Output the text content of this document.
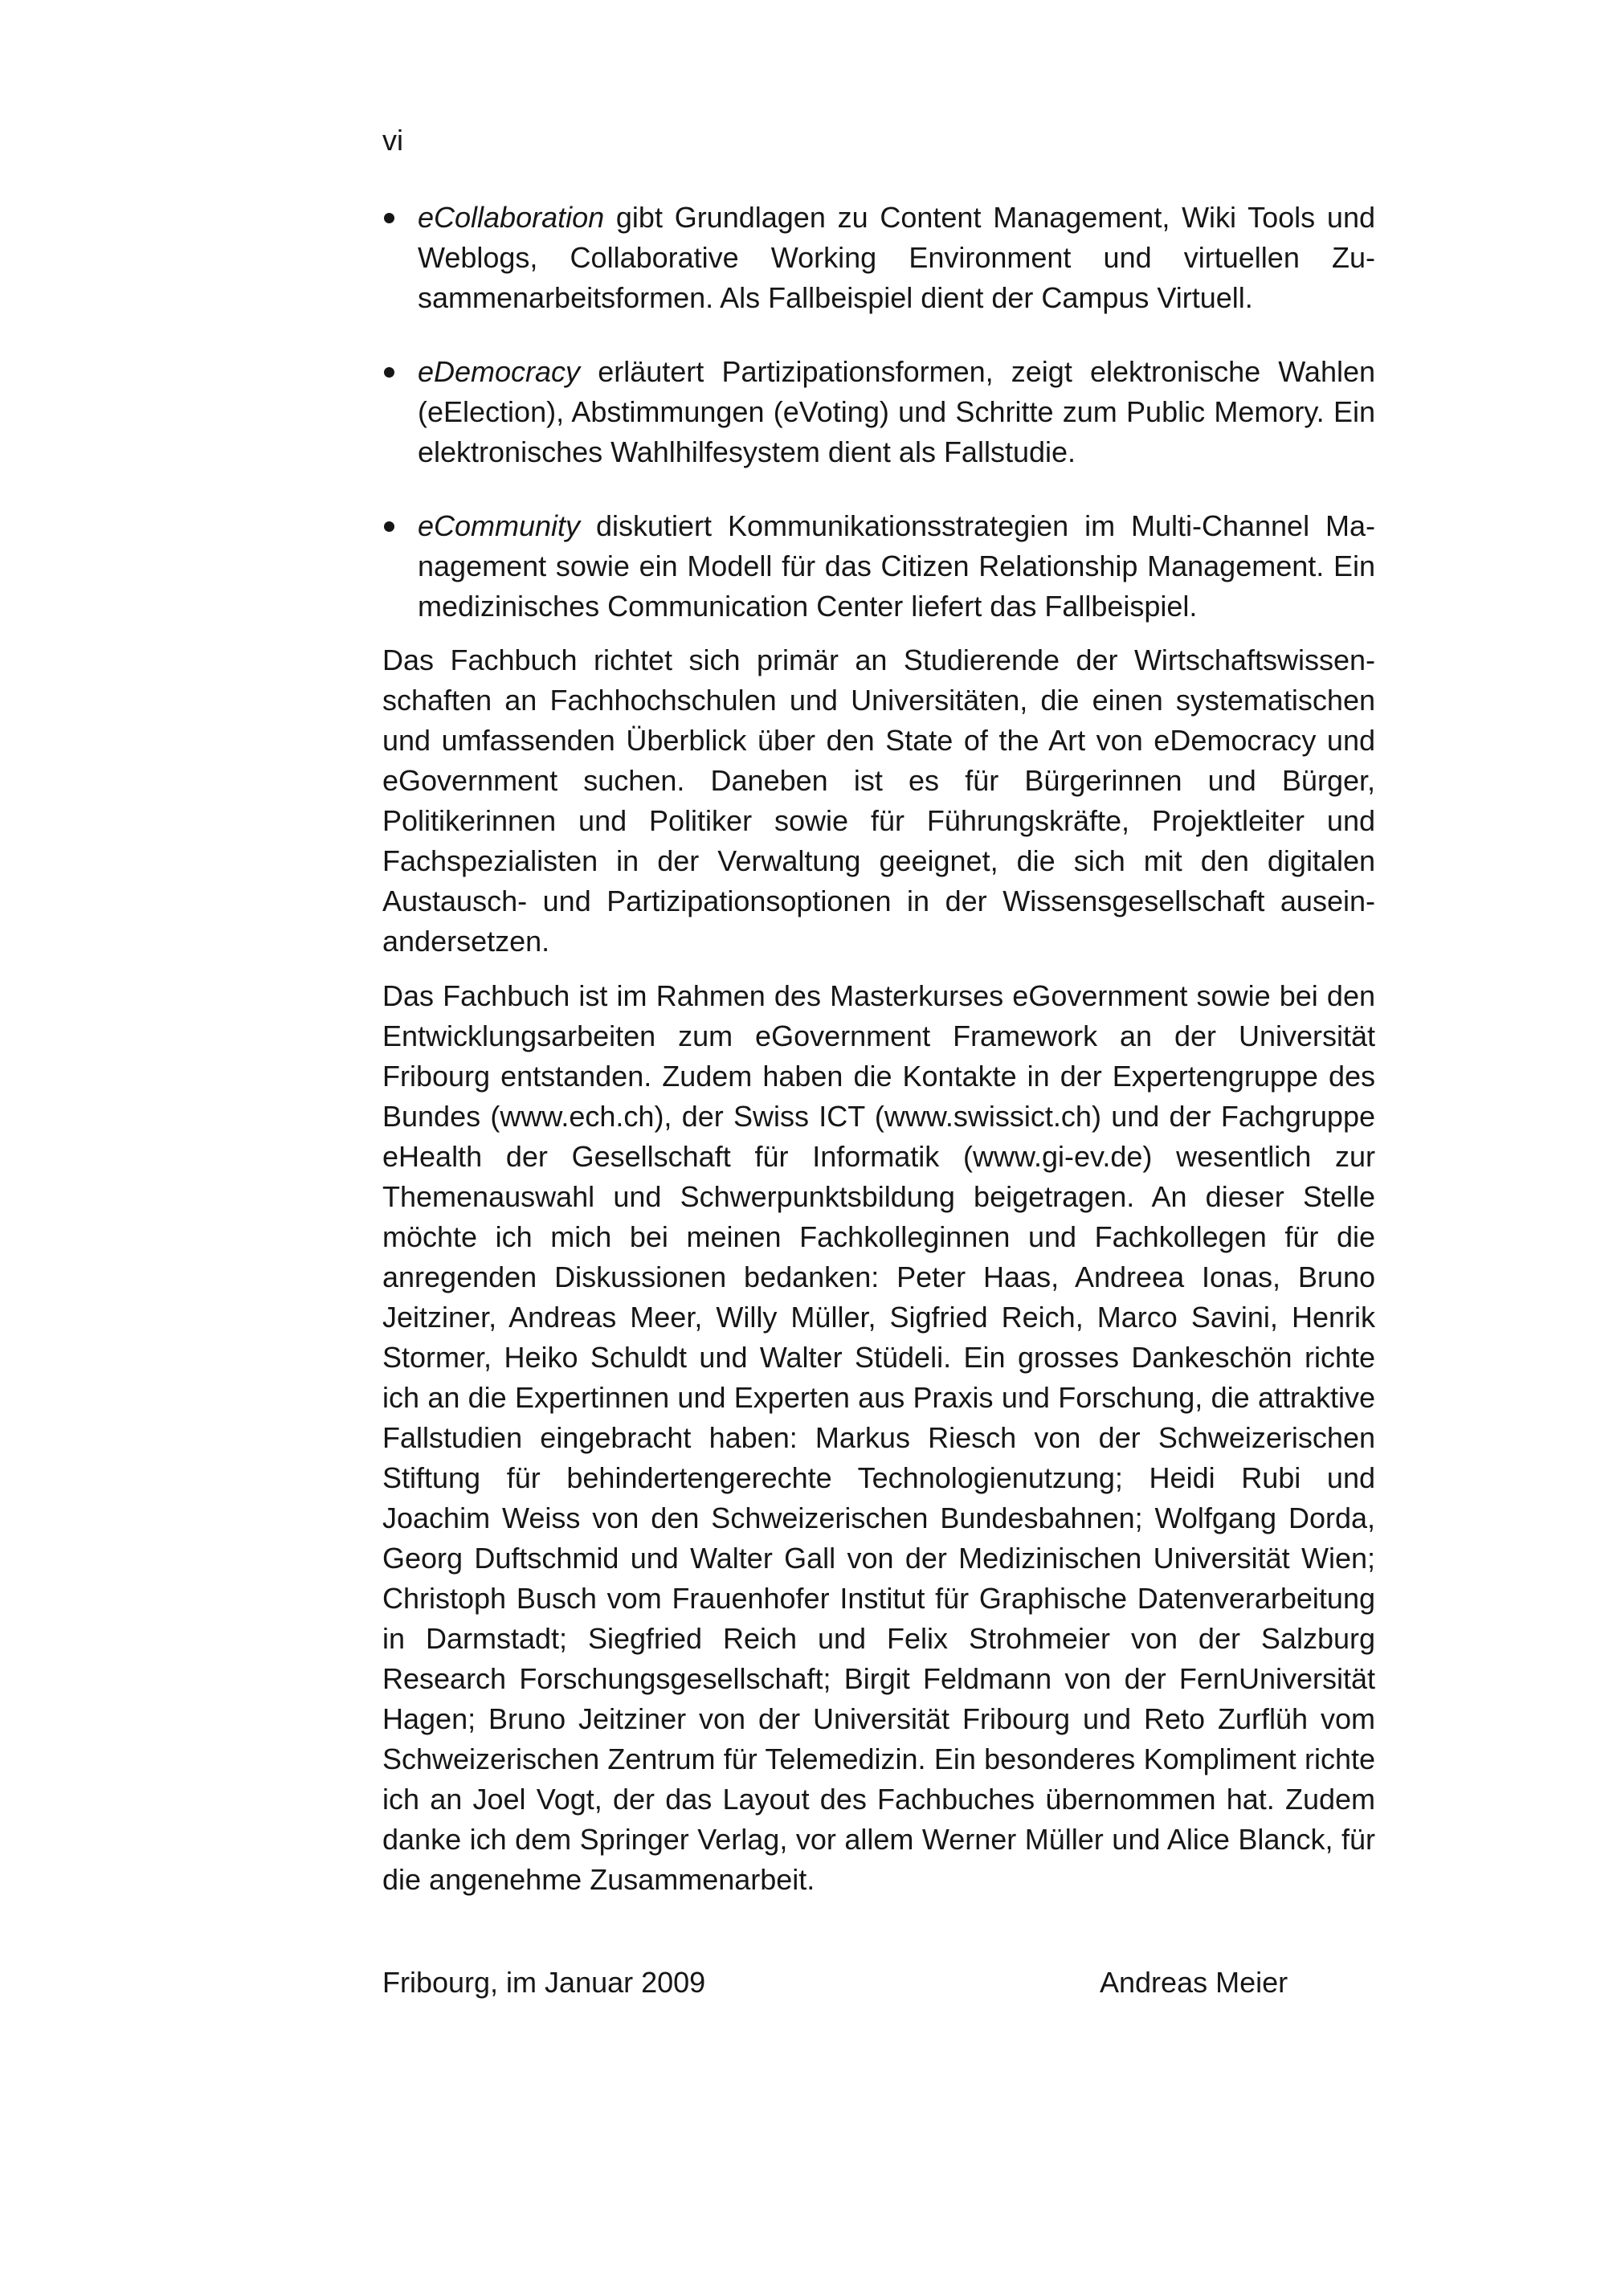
vi
eCollaboration gibt Grundlagen zu Content Management, Wiki Tools und Weblogs, Collaborative Working Environment und virtuellen Zusammenarbeitsformen. Als Fallbeispiel dient der Campus Virtuell.
eDemocracy erläutert Partizipationsformen, zeigt elektronische Wahlen (eElection), Abstimmungen (eVoting) und Schritte zum Public Memory. Ein elektronisches Wahlhilfesystem dient als Fallstudie.
eCommunity diskutiert Kommunikationsstrategien im Multi-Channel Management sowie ein Modell für das Citizen Relationship Management. Ein medizinisches Communication Center liefert das Fallbeispiel.

Das Fachbuch richtet sich primär an Studierende der Wirtschaftswissenschaften an Fachhochschulen und Universitäten, die einen systematischen und umfassenden Überblick über den State of the Art von eDemocracy und eGovernment suchen. Daneben ist es für Bürgerinnen und Bürger, Politikerinnen und Politiker sowie für Führungskräfte, Projektleiter und Fachspezialisten in der Verwaltung geeignet, die sich mit den digitalen Austausch- und Partizipationsoptionen in der Wissensgesellschaft auseinandersetzen.

Das Fachbuch ist im Rahmen des Masterkurses eGovernment sowie bei den Entwicklungsarbeiten zum eGovernment Framework an der Universität Fribourg entstanden. Zudem haben die Kontakte in der Expertengruppe des Bundes (www.ech.ch), der Swiss ICT (www.swissict.ch) und der Fachgruppe eHealth der Gesellschaft für Informatik (www.gi-ev.de) wesentlich zur Themenauswahl und Schwerpunktsbildung beigetragen. An dieser Stelle möchte ich mich bei meinen Fachkolleginnen und Fachkollegen für die anregenden Diskussionen bedanken: Peter Haas, Andreea Ionas, Bruno Jeitziner, Andreas Meer, Willy Müller, Sigfried Reich, Marco Savini, Henrik Stormer, Heiko Schuldt und Walter Stüdeli. Ein grosses Dankeschön richte ich an die Expertinnen und Experten aus Praxis und Forschung, die attraktive Fallstudien eingebracht haben: Markus Riesch von der Schweizerischen Stiftung für behindertengerechte Technologienutzung; Heidi Rubi und Joachim Weiss von den Schweizerischen Bundesbahnen; Wolfgang Dorda, Georg Duftschmid und Walter Gall von der Medizinischen Universität Wien; Christoph Busch vom Frauenhofer Institut für Graphische Datenverarbeitung in Darmstadt; Siegfried Reich und Felix Strohmeier von der Salzburg Research Forschungsgesellschaft; Birgit Feldmann von der FernUniversität Hagen; Bruno Jeitziner von der Universität Fribourg und Reto Zurflüh vom Schweizerischen Zentrum für Telemedizin. Ein besonderes Kompliment richte ich an Joel Vogt, der das Layout des Fachbuches übernommen hat. Zudem danke ich dem Springer Verlag, vor allem Werner Müller und Alice Blanck, für die angenehme Zusammenarbeit.

Fribourg, im Januar 2009	Andreas Meier
